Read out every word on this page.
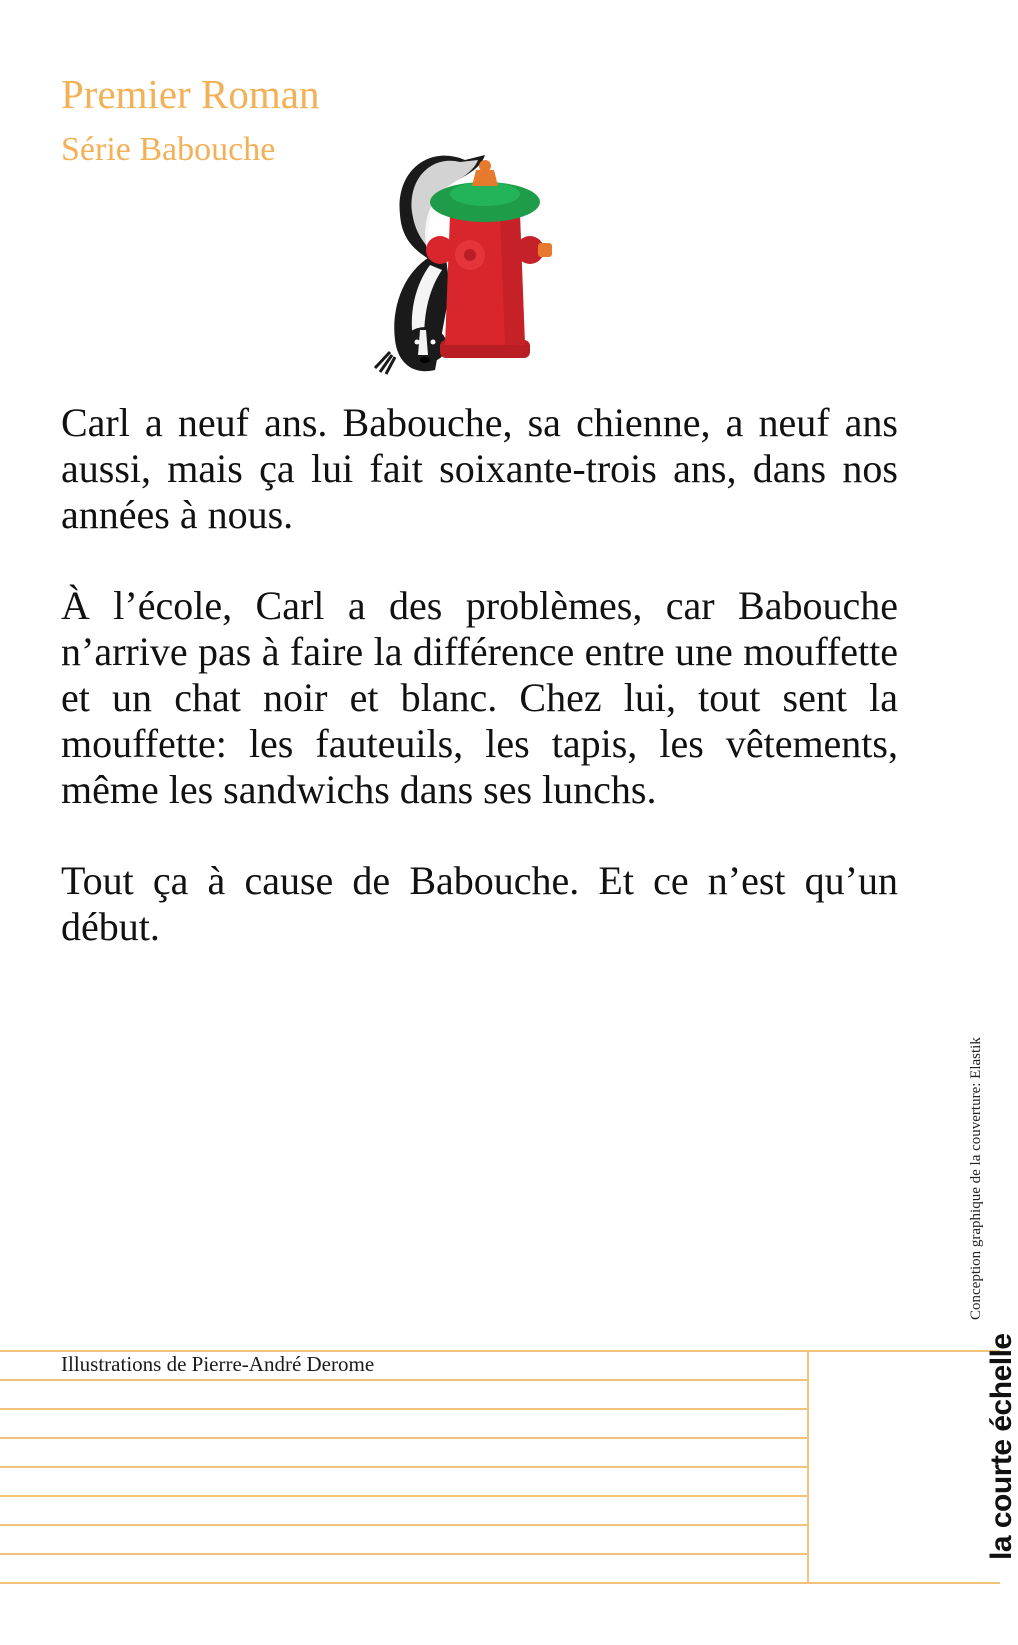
Premier Roman
Série Babouche

Carl a neuf ans. Babouche, sa chienne, a neuf ans aussi, mais ça lui fait soixante-trois ans, dans nos années à nous.

À l’école, Carl a des problèmes, car Babouche n’arrive pas à faire la différence entre une mouffette et un chat noir et blanc. Chez lui, tout sent la mouffette: les fauteuils, les tapis, les vêtements, même les sandwichs dans ses lunchs.

Tout ça à cause de Babouche. Et ce n’est qu’un début.

Conception graphique de la couverture: Elastik
Illustrations de Pierre-André Derome	la courte échelle
